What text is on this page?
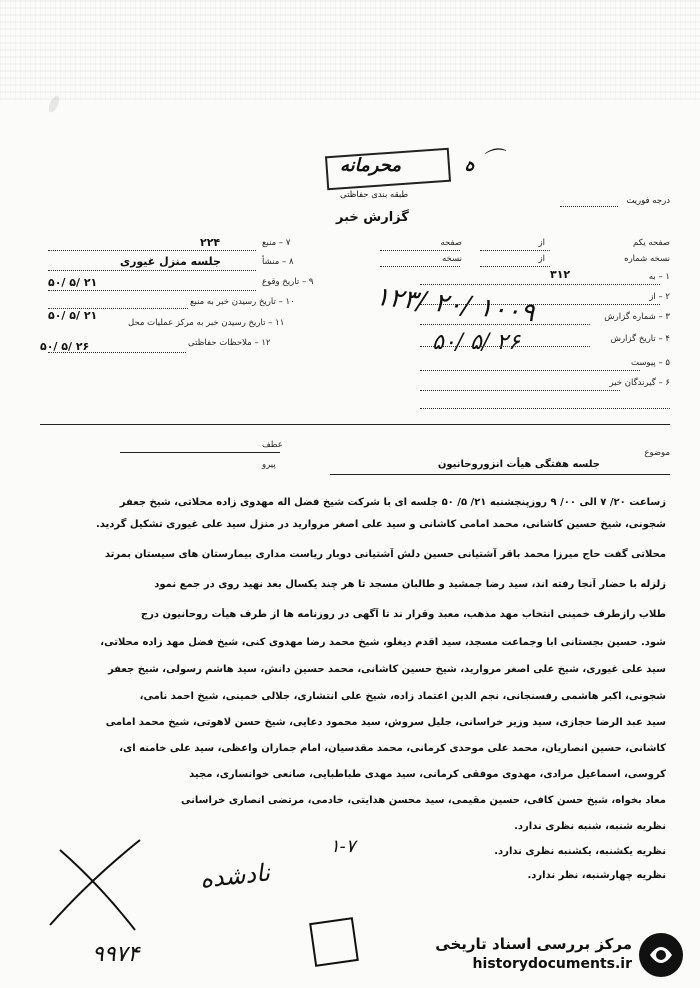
محرمانه	ہ ⌒
طبقه بندی حفاظتی
گزارش خبر
درجه فوریت
صفحه یکم
از
صفحه
نسخه شماره
از
نسخه
۱ – به
۳۱۲
۲ – از
۳ – شماره گزارش
۱۲۳/ ۲۰/ ۱۰۰۹
۴ – تاریخ گزارش
۵۰/ ۵/ ۲۶
۵ – پیوست
۶ – گیرندگان خبر
۷ – منبع
۲۲۴
۸ – منشأ
جلسه منزل غیوری
۹ – تاریخ وقوع
۵۰/ ۵/ ۲۱
۱۰ – تاریخ رسیدن خبر به منبع
۱۱ – تاریخ رسیدن خبر به مرکز عملیات محل
۵۰/ ۵/ ۲۱
۱۲ – ملاحظات حفاظتی
۵۰/ ۵/ ۲۶
عطف
پیرو
موضوع
جلسه هفتگی هیأت انزوروحانیون
زساعت ۲۰/ ۷ الی ۰۰/ ۹ روزپنجشنبه ۲۱/ ۵/ ۵۰ جلسه ای با شرکت شیخ فضل اله مهدوی زاده محلاتی، شیخ جعفر
شجونی، شیخ حسین کاشانی، محمد امامی کاشانی و سید علی اصغر مروارید در منزل سید علی غیوری تشکیل گردید.
محلاتی گفت حاج میرزا محمد باقر آشتیانی حسین دلش آشتیانی دوبار ریاست مداری بیمارستان های سیستان بمرتد
زلزله با حضار آنجا رفته اند، سید رضا جمشید و طالبان مسجد تا هر چند یکسال بعد نهید روی در جمع نمود
طلاب رازطرف خمینی انتخاب مهد مذهب، معبد وقرار ند تا آگهی در روزنامه ها از طرف هیأت روحانیون درج
شود. حسین بجستانی ابا وجماعت مسجد، سید اقدم دیغلو، شیخ محمد رضا مهدوی کنی، شیخ فضل مهد زاده محلاتی،
سید علی غیوری، شیخ علی اصغر مروارید، شیخ حسین کاشانی، محمد حسین دانش، سید هاشم رسولی، شیخ جعفر
شجونی، اکبر هاشمی رفسنجانی، نجم الدین اعتماد زاده، شیخ علی انتشاری، جلالی خمینی، شیخ احمد نامی،
سید عبد الرضا حجازی، سید وزیر خراسانی، جلیل سروش، سید محمود دعایی، شیخ حسن لاهوتی، شیخ محمد امامی
کاشانی، حسین انصاریان، محمد علی موحدی کرمانی، محمد مقدسیان، امام جماران واعظی، سید علی خامنه ای،
کروسی، اسماعیل مرادی، مهدوی موفقی کرمانی، سید مهدی طباطبایی، صانعی خوانساری، مجید
معاد بخواه، شیخ حسن کافی، حسین مقیمی، سید محسن هدایتی، خادمی، مرتضی انصاری خراسانی
نظریه شنبه، شنبه نظری ندارد.
نظریه یکشنبه، یکشنبه نظری ندارد.
نظریه چهارشنبه، نظر ندارد.
۱-۷
نادشده
۹۹۷۴	مرکز بررسی اسناد تاریخی
historydocuments.ir
